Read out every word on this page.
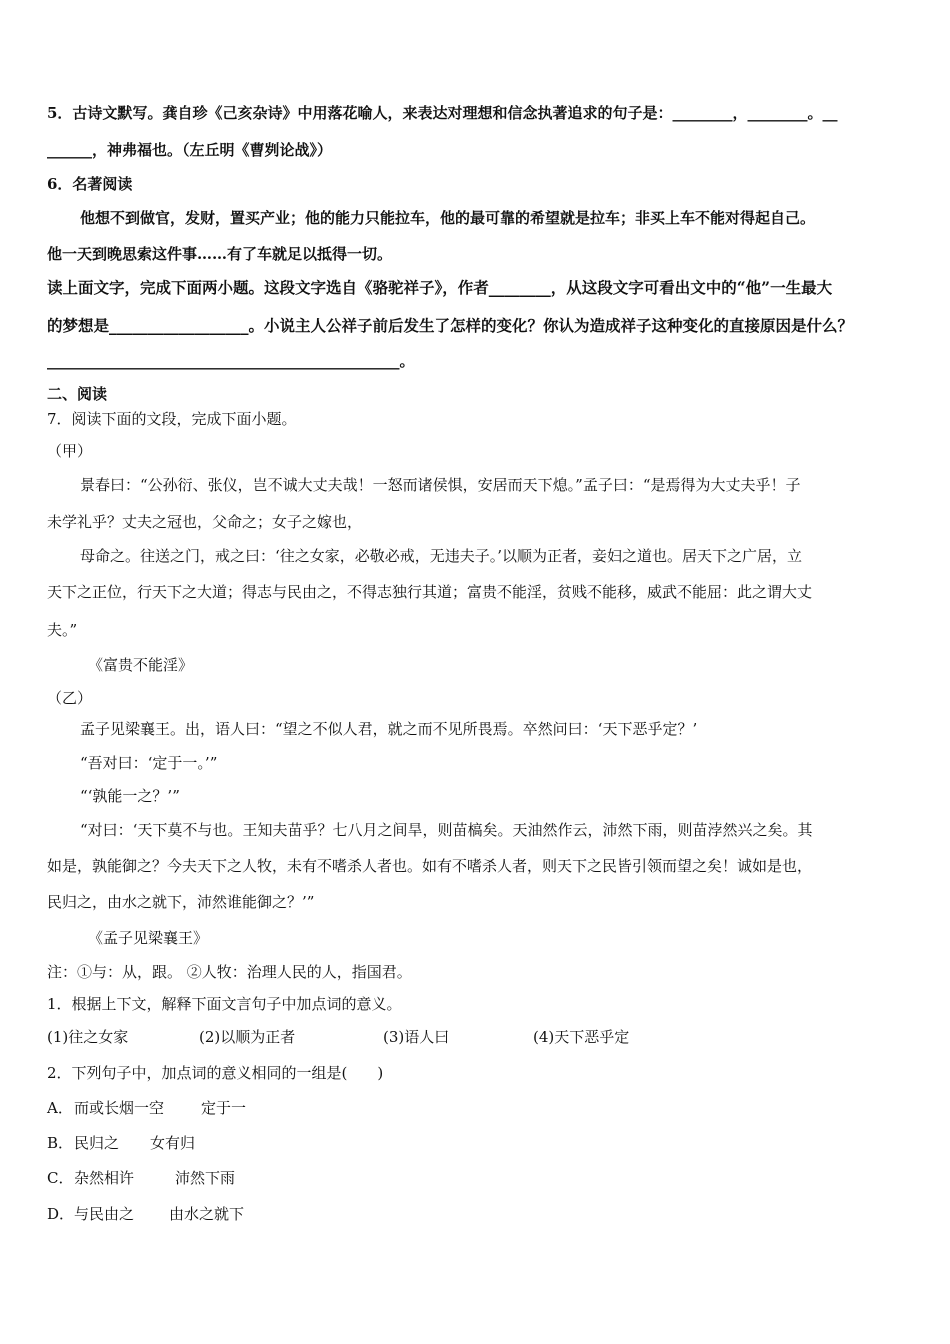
5．古诗文默写。龚自珍《己亥杂诗》中用落花喻人，来表达对理想和信念执著追求的句子是：________，________。__
______，神弗福也。（左丘明《曹刿论战》）
6．名著阅读
他想不到做官，发财，置买产业；他的能力只能拉车，他的最可靠的希望就是拉车；非买上车不能对得起自己。
他一天到晚思索这件事……有了车就足以抵得一切。
读上面文字，完成下面两小题。这段文字选自《骆驼祥子》，作者________，从这段文字可看出文中的“他”一生最大
的梦想是__________________。小说主人公祥子前后发生了怎样的变化？你认为造成祥子这种变化的直接原因是什么？
_______________________________________________。
二、阅读
7．阅读下面的文段，完成下面小题。
（甲）
景春曰：“公孙衍、张仪，岂不诚大丈夫哉！一怒而诸侯惧，安居而天下熄。”孟子曰：“是焉得为大丈夫乎！子
未学礼乎？丈夫之冠也，父命之；女子之嫁也，
母命之。往送之门，戒之曰：‘往之女家，必敬必戒，无违夫子。’以顺为正者，妾妇之道也。居天下之广居，立
天下之正位，行天下之大道；得志与民由之，不得志独行其道；富贵不能淫，贫贱不能移，威武不能屈：此之谓大丈
夫。”
《富贵不能淫》
（乙）
孟子见梁襄王。出，语人曰：“望之不似人君，就之而不见所畏焉。卒然问曰：‘天下恶乎定？’
“吾对曰：‘定于一。’”
“‘孰能一之？’”
“对曰：‘天下莫不与也。王知夫苗乎？七八月之间旱，则苗槁矣。天油然作云，沛然下雨，则苗浡然兴之矣。其
如是，孰能御之？今夫天下之人牧，未有不嗜杀人者也。如有不嗜杀人者，则天下之民皆引领而望之矣！诚如是也，
民归之，由水之就下，沛然谁能御之？’”
《孟子见梁襄王》
注：①与：从，跟。 ②人牧：治理人民的人，指国君。
1．根据上下文，解释下面文言句子中加点词的意义。
(1)往之女家	(2)以顺为正者	(3)语人曰	(4)天下恶乎定
2．下列句子中，加点词的意义相同的一组是(　　)
A．而或长烟一空 定于一
B．民归之 女有归
C．杂然相许	沛然下雨
D．与民由之 由水之就下
